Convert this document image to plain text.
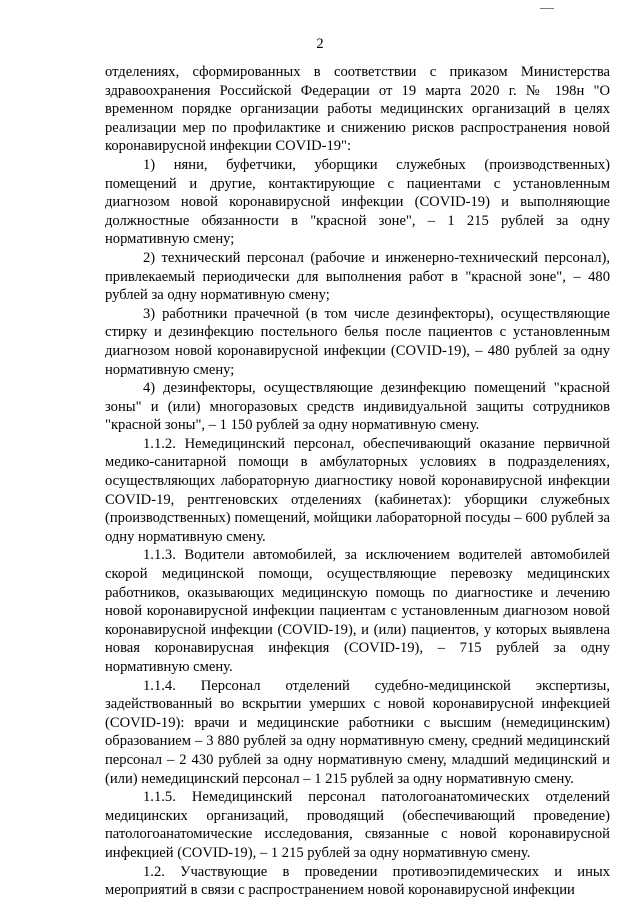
2

отделениях, сформированных в соответствии с приказом Министерства здравоохранения Российской Федерации от 19 марта 2020 г. № 198н "О временном порядке организации работы медицинских организаций в целях реализации мер по профилактике и снижению рисков распространения новой коронавирусной инфекции COVID-19":

1) няни, буфетчики, уборщики служебных (производственных) помещений и другие, контактирующие с пациентами с установленным диагнозом новой коронавирусной инфекции (COVID-19) и выполняющие должностные обязанности в "красной зоне", – 1 215 рублей за одну нормативную смену;

2) технический персонал (рабочие и инженерно-технический персонал), привлекаемый периодически для выполнения работ в "красной зоне", – 480 рублей за одну нормативную смену;

3) работники прачечной (в том числе дезинфекторы), осуществляющие стирку и дезинфекцию постельного белья после пациентов с установленным диагнозом новой коронавирусной инфекции (COVID-19), – 480 рублей за одну нормативную смену;

4) дезинфекторы, осуществляющие дезинфекцию помещений "красной зоны" и (или) многоразовых средств индивидуальной защиты сотрудников "красной зоны", – 1 150 рублей за одну нормативную смену.

1.1.2. Немедицинский персонал, обеспечивающий оказание первичной медико-санитарной помощи в амбулаторных условиях в подразделениях, осуществляющих лабораторную диагностику новой коронавирусной инфекции COVID-19, рентгеновских отделениях (кабинетах): уборщики служебных (производственных) помещений, мойщики лабораторной посуды – 600 рублей за одну нормативную смену.

1.1.3. Водители автомобилей, за исключением водителей автомобилей скорой медицинской помощи, осуществляющие перевозку медицинских работников, оказывающих медицинскую помощь по диагностике и лечению новой коронавирусной инфекции пациентам с установленным диагнозом новой коронавирусной инфекции (COVID-19), и (или) пациентов, у которых выявлена новая коронавирусная инфекция (COVID-19), – 715 рублей за одну нормативную смену.

1.1.4. Персонал отделений судебно-медицинской экспертизы, задействованный во вскрытии умерших с новой коронавирусной инфекцией (COVID-19): врачи и медицинские работники с высшим (немедицинским) образованием – 3 880 рублей за одну нормативную смену, средний медицинский персонал – 2 430 рублей за одну нормативную смену, младший медицинский и (или) немедицинский персонал – 1 215 рублей за одну нормативную смену.

1.1.5. Немедицинский персонал патологоанатомических отделений медицинских организаций, проводящий (обеспечивающий проведение) патологоанатомические исследования, связанные с новой коронавирусной инфекцией (COVID-19), – 1 215 рублей за одну нормативную смену.

1.2. Участвующие в проведении противоэпидемических и иных мероприятий в связи с распространением новой коронавирусной инфекции
